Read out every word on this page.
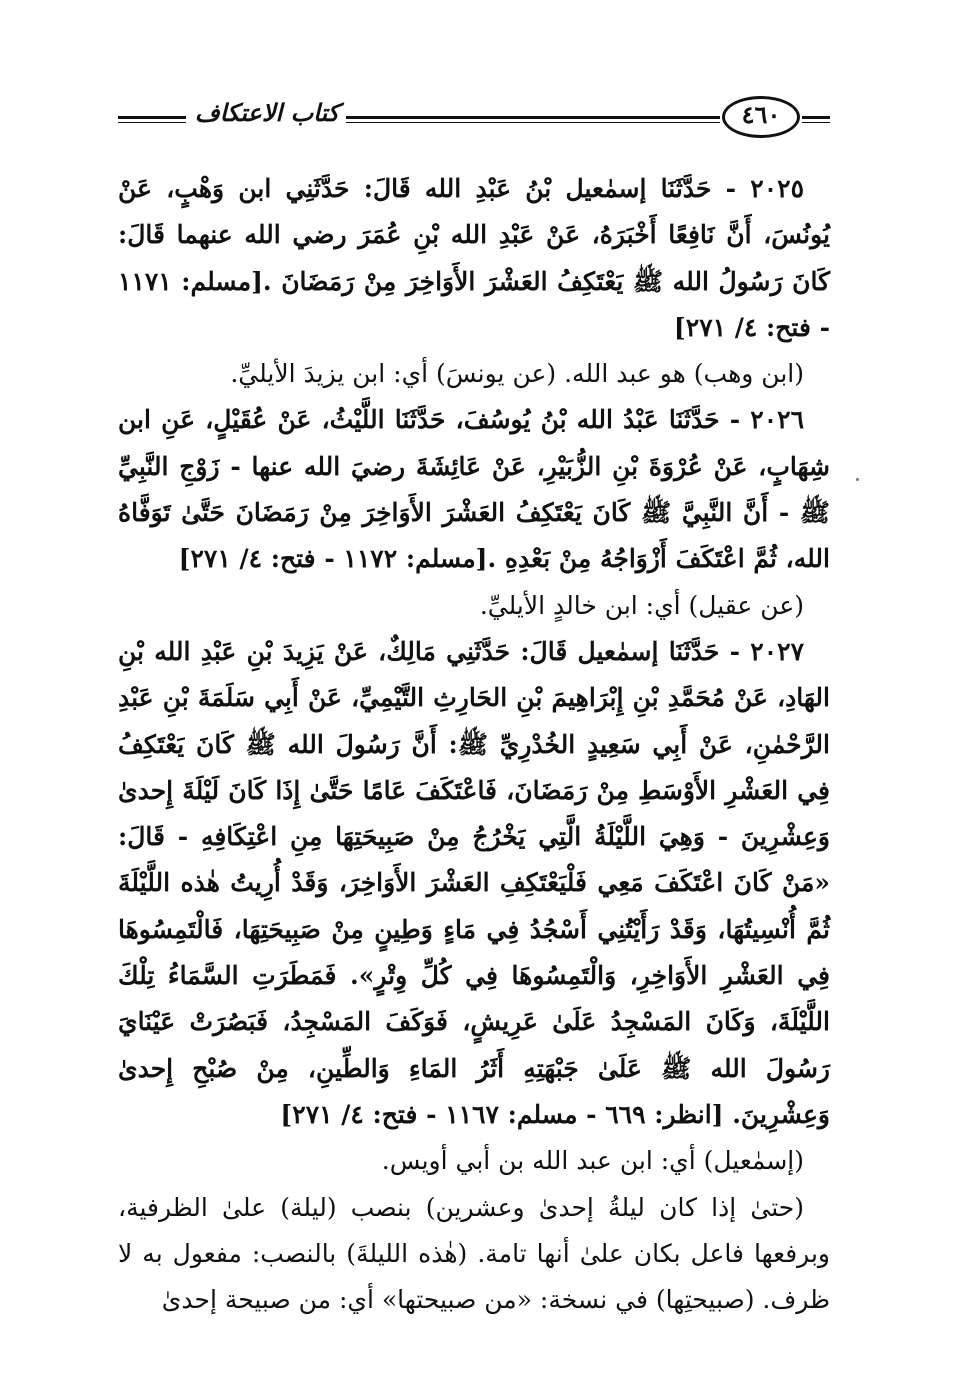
كتاب الاعتكاف	٤٦٠

٢٠٢٥ - حَدَّثَنَا إسمٰعيل بْنُ عَبْدِ الله قَالَ: حَدَّثَنِي ابن وَهْبٍ، عَنْ يُونُسَ، أَنَّ نَافِعًا أَخْبَرَهُ، عَنْ عَبْدِ الله بْنِ عُمَرَ رضي الله عنهما قَالَ: كَانَ رَسُولُ الله ﷺ يَعْتَكِفُ العَشْرَ الأَوَاخِرَ مِنْ رَمَضَانَ .[مسلم: ١١٧١ - فتح: ٤/ ٢٧١]

(ابن وهب) هو عبد الله. (عن يونسَ) أي: ابن يزيدَ الأيليِّ.

٢٠٢٦ - حَدَّثَنَا عَبْدُ الله بْنُ يُوسُفَ، حَدَّثَنَا اللَّيْثُ، عَنْ عُقَيْلٍ، عَنِ ابن شِهَابٍ، عَنْ عُرْوَةَ بْنِ الزُّبَيْرِ، عَنْ عَائِشَةَ رضيَ الله عنها - زَوْجِ النَّبِيِّ ﷺ - أَنَّ النَّبِيَّ ﷺ كَانَ يَعْتَكِفُ العَشْرَ الأَوَاخِرَ مِنْ رَمَضَانَ حَتَّىٰ تَوَفَّاهُ الله، ثُمَّ اعْتَكَفَ أَزْوَاجُهُ مِنْ بَعْدِهِ .[مسلم: ١١٧٢ - فتح: ٤/ ٢٧١]

(عن عقيل) أي: ابن خالدٍ الأيليِّ.

٢٠٢٧ - حَدَّثَنَا إسمٰعيل قَالَ: حَدَّثَنِي مَالِكٌ، عَنْ يَزِيدَ بْنِ عَبْدِ الله بْنِ الهَادِ، عَنْ مُحَمَّدِ بْنِ إِبْرَاهِيمَ بْنِ الحَارِثِ التَّيْمِيِّ، عَنْ أَبِي سَلَمَةَ بْنِ عَبْدِ الرَّحْمٰنِ، عَنْ أَبِي سَعِيدٍ الخُدْرِيِّ ﷺ: أَنَّ رَسُولَ الله ﷺ كَانَ يَعْتَكِفُ فِي العَشْرِ الأَوْسَطِ مِنْ رَمَضَانَ، فَاعْتَكَفَ عَامًا حَتَّىٰ إِذَا كَانَ لَيْلَةَ إِحدىٰ وَعِشْرِينَ - وَهِيَ اللَّيْلَةُ الَّتِي يَخْرُجُ مِنْ صَبِيحَتِهَا مِنِ اعْتِكَافِهِ - قَالَ: «مَنْ كَانَ اعْتَكَفَ مَعِي فَلْيَعْتَكِفِ العَشْرَ الأَوَاخِرَ، وَقَدْ أُرِيتُ هٰذه اللَّيْلَةَ ثُمَّ أُنْسِيتُهَا، وَقَدْ رَأَيْتُنِي أَسْجُدُ فِي مَاءٍ وَطِينٍ مِنْ صَبِيحَتِهَا، فَالْتَمِسُوهَا فِي العَشْرِ الأَوَاخِرِ، وَالْتَمِسُوهَا فِي كُلِّ وِتْرٍ». فَمَطَرَتِ السَّمَاءُ تِلْكَ اللَّيْلَةَ، وَكَانَ المَسْجِدُ عَلَىٰ عَرِيشٍ، فَوَكَفَ المَسْجِدُ، فَبَصُرَتْ عَيْنَايَ رَسُولَ الله ﷺ عَلَىٰ جَبْهَتِهِ أَثَرُ المَاءِ وَالطِّينِ، مِنْ صُبْحِ إِحدىٰ وَعِشْرِينَ. [انظر: ٦٦٩ - مسلم: ١١٦٧ - فتح: ٤/ ٢٧١]

(إسمٰعيل) أي: ابن عبد الله بن أبي أويس.

(حتىٰ إذا كان ليلةُ إحدىٰ وعشرين) بنصب (ليلة) علىٰ الظرفية، وبرفعها فاعل بكان علىٰ أنها تامة. (هٰذه الليلةَ) بالنصب: مفعول به لا ظرف. (صبيحتِها) في نسخة: «من صبيحتها» أي: من صبيحة إحدىٰ
